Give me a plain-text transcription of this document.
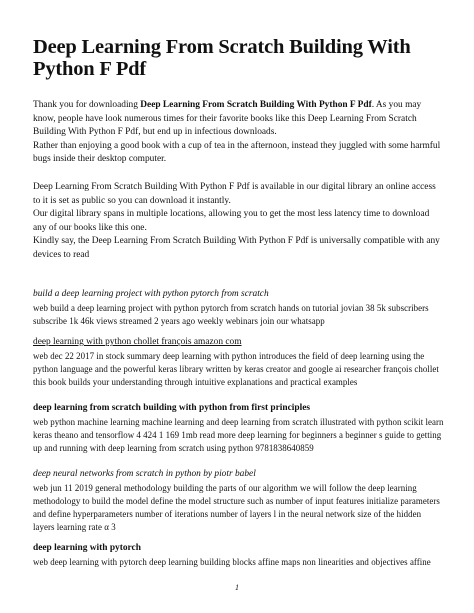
Deep Learning From Scratch Building With Python F Pdf

Thank you for downloading Deep Learning From Scratch Building With Python F Pdf. As you may know, people have look numerous times for their favorite books like this Deep Learning From Scratch Building With Python F Pdf, but end up in infectious downloads.

Rather than enjoying a good book with a cup of tea in the afternoon, instead they juggled with some harmful bugs inside their desktop computer.

Deep Learning From Scratch Building With Python F Pdf is available in our digital library an online access to it is set as public so you can download it instantly.

Our digital library spans in multiple locations, allowing you to get the most less latency time to download any of our books like this one.

Kindly say, the Deep Learning From Scratch Building With Python F Pdf is universally compatible with any devices to read

build a deep learning project with python pytorch from scratch

web build a deep learning project with python pytorch from scratch hands on tutorial jovian 38 5k subscribers subscribe 1k 46k views streamed 2 years ago weekly webinars join our whatsapp

deep learning with python chollet françois amazon com

web dec 22 2017 in stock summary deep learning with python introduces the field of deep learning using the python language and the powerful keras library written by keras creator and google ai researcher françois chollet this book builds your understanding through intuitive explanations and practical examples

deep learning from scratch building with python from first principles

web python machine learning machine learning and deep learning from scratch illustrated with python scikit learn keras theano and tensorflow 4 424 1 169 1mb read more deep learning for beginners a beginner s guide to getting up and running with deep learning from scratch using python 9781838640859

deep neural networks from scratch in python by piotr babel

web jun 11 2019 general methodology building the parts of our algorithm we will follow the deep learning methodology to build the model define the model structure such as number of input features initialize parameters and define hyperparameters number of iterations number of layers l in the neural network size of the hidden layers learning rate α 3

deep learning with pytorch

web deep learning with pytorch deep learning building blocks affine maps non linearities and objectives affine

1
